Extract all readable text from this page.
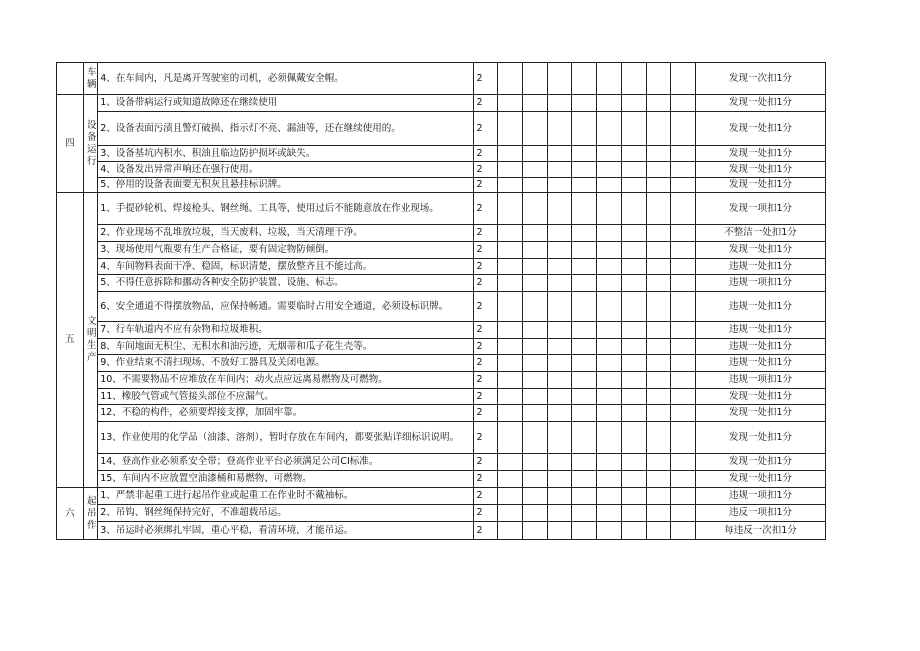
	车辆	4、在车间内，凡是离开驾驶室的司机，必须佩戴安全帽。	2									发现一次扣1分
四	设备运行	1、设备带病运行或知道故障还在继续使用	2									发现一处扣1分
		2、设备表面污渍且警灯破损、指示灯不亮、漏油等，还在继续使用的。	2									发现一处扣1分
		3、设备基坑内积水、积油且临边防护损坏或缺失。	2									发现一处扣1分
		4、设备发出异常声响还在强行使用。	2									发现一处扣1分
		5、停用的设备表面要无积灰且悬挂标识牌。	2									发现一处扣1分
五	文明生产	1、手提砂轮机、焊接枪头、钢丝绳、工具等，使用过后不能随意放在作业现场。	2									发现一项扣1分
		2、作业现场不乱堆放垃圾，当天废料、垃圾，当天清理干净。	2									不整洁一处扣1分
		3、现场使用气瓶要有生产合格证，要有固定物防倾倒。	2									发现一处扣1分
		4、车间物料表面干净、稳固，标识清楚，摆放整齐且不能过高。	2									违规一处扣1分
		5、不得任意拆除和挪动各种安全防护装置、设施、标志。	2									违规一项扣1分
		6、安全通道不得摆放物品，应保持畅通。需要临时占用安全通道，必须设标识牌。	2									违规一处扣1分
		7、行车轨道内不应有杂物和垃圾堆积。	2									违规一处扣1分
		8、车间地面无积尘、无积水和油污迹，无烟蒂和瓜子花生壳等。	2									违规一处扣1分
		9、作业结束不清扫现场、不放好工器具及关闭电源。	2									违规一处扣1分
		10、不需要物品不应堆放在车间内；动火点应远离易燃物及可燃物。	2									违规一项扣1分
		11、橡胶气管或气管接头部位不应漏气。	2									发现一处扣1分
		12、不稳的构件，必须要焊接支撑，加固牢靠。	2									发现一处扣1分
		13、作业使用的化学品（油漆、溶剂），暂时存放在车间内，都要张贴详细标识说明。	2									发现一处扣1分
		14、登高作业必须系安全带；登高作业平台必须满足公司CI标准。	2									发现一处扣1分
		15、车间内不应放置空油漆桶和易燃物、可燃物。	2									发现一处扣1分
六	起吊作	1、严禁非起重工进行起吊作业或起重工在作业时不戴袖标。	2									违规一项扣1分
		2、吊钩、钢丝绳保持完好，不准超载吊运。	2									违反一项扣1分
		3、吊运时必须绑扎牢固，重心平稳，看清环境，才能吊运。	2									每违反一次扣1分
